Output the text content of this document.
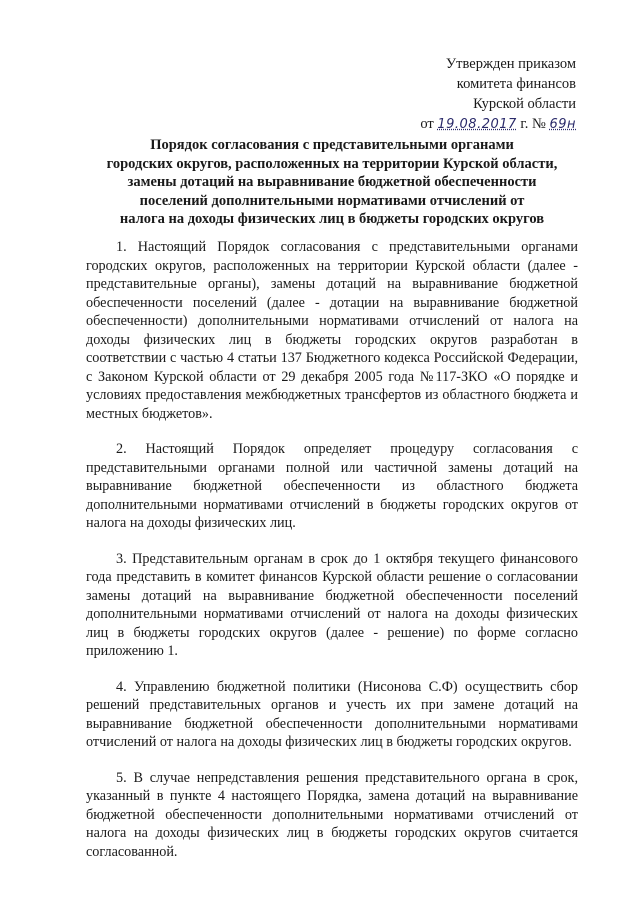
Утвержден приказом
комитета финансов
Курской области
от 19.08.2017 г. № 69н
Порядок согласования с представительными органами
городских округов, расположенных на территории Курской области,
замены дотаций на выравнивание бюджетной обеспеченности
поселений дополнительными нормативами отчислений от
налога на доходы физических лиц в бюджеты городских округов

1. Настоящий Порядок согласования с представительными органами городских округов, расположенных на территории Курской области (далее - представительные органы), замены дотаций на выравнивание бюджетной обеспеченности поселений (далее - дотации на выравнивание бюджетной обеспеченности) дополнительными нормативами отчислений от налога на доходы физических лиц в бюджеты городских округов разработан в соответствии с частью 4 статьи 137 Бюджетного кодекса Российской Федерации, с Законом Курской области от 29 декабря 2005 года №117-ЗКО «О порядке и условиях предоставления межбюджетных трансфертов из областного бюджета и местных бюджетов».

2. Настоящий Порядок определяет процедуру согласования с представительными органами полной или частичной замены дотаций на выравнивание бюджетной обеспеченности из областного бюджета дополнительными нормативами отчислений в бюджеты городских округов от налога на доходы физических лиц.

3. Представительным органам в срок до 1 октября текущего финансового года представить в комитет финансов Курской области решение о согласовании замены дотаций на выравнивание бюджетной обеспеченности поселений дополнительными нормативами отчислений от налога на доходы физических лиц в бюджеты городских округов (далее - решение) по форме согласно приложению 1.

4. Управлению бюджетной политики (Нисонова С.Ф) осуществить сбор решений представительных органов и учесть их при замене дотаций на выравнивание бюджетной обеспеченности дополнительными нормативами отчислений от налога на доходы физических лиц в бюджеты городских округов.

5. В случае непредставления решения представительного органа в срок, указанный в пункте 4 настоящего Порядка, замена дотаций на выравнивание бюджетной обеспеченности дополнительными нормативами отчислений от налога на доходы физических лиц в бюджеты городских округов считается согласованной.
